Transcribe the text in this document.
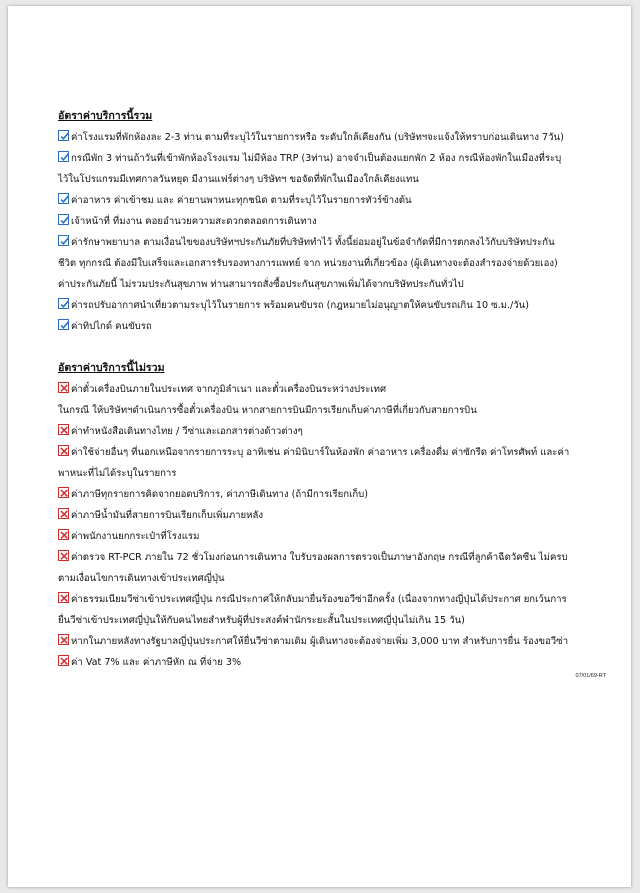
อัตราค่าบริการนี้รวม

ค่าโรงแรมที่พักห้องละ 2-3 ท่าน ตามที่ระบุไว้ในรายการหรือ ระดับใกล้เคียงกัน (บริษัทฯจะแจ้งให้ทราบก่อนเดินทาง 7วัน)
กรณีพัก 3 ท่านถ้าวันที่เข้าพักห้องโรงแรม ไม่มีห้อง TRP (3ท่าน) อาจจำเป็นต้องแยกพัก 2 ห้อง กรณีห้องพักในเมืองที่ระบุ
ไว้ในโปรแกรมมีเทศกาลวันหยุด มีงานแฟร์ต่างๆ บริษัทฯ ขอจัดที่พักในเมืองใกล้เคียงแทน
ค่าอาหาร ค่าเข้าชม และ ค่ายานพาหนะทุกชนิด ตามที่ระบุไว้ในรายการทัวร์ข้างต้น
เจ้าหน้าที่ ที่มงาน คอยอำนวยความสะดวกตลอดการเดินทาง
ค่ารักษาพยาบาล ตามเงื่อนไขของบริษัทฯประกันภัยที่บริษัททำไว้ ทั้งนี้ย่อมอยู่ในข้อจำกัดที่มีการตกลงไว้กับบริษัทประกัน
ชีวิต ทุกกรณี ต้องมีใบเสร็จและเอกสารรับรองทางการแพทย์ จาก หน่วยงานที่เกี่ยวข้อง (ผู้เดินทางจะต้องสำรองจ่ายด้วยเอง)
ค่าประกันภัยนี้ ไม่รวมประกันสุขภาพ ท่านสามารถสั่งซื้อประกันสุขภาพเพิ่มได้จากบริษัทประกันทั่วไป
ค่ารถปรับอากาศนำเที่ยวตามระบุไว้ในรายการ พร้อมคนขับรถ (กฎหมายไม่อนุญาตให้คนขับรถเกิน 10 ซ.ม./วัน)
ค่าทิปไกด์ คนขับรถ

อัตราค่าบริการนี้ไม่รวม

ค่าตั๋วเครื่องบินภายในประเทศ จากภูมิลำเนา และตั๋วเครื่องบินระหว่างประเทศ
ในกรณี ให้บริษัทฯดำเนินการซื้อตั๋วเครื่องบิน หากสายการบินมีการเรียกเก็บค่าภาษีที่เกี่ยวกับสายการบิน
ค่าทำหนังสือเดินทางไทย / วีซ่าและเอกสารต่างด้าวต่างๆ
ค่าใช้จ่ายอื่นๆ ที่นอกเหนือจากรายการระบุ อาทิเช่น ค่ามินิบาร์ในห้องพัก ค่าอาหาร เครื่องดื่ม ค่าซักรีด ค่าโทรศัพท์ และค่า
พาหนะที่ไม่ได้ระบุในรายการ
ค่าภาษีทุกรายการคิดจากยอดบริการ, ค่าภาษีเดินทาง (ถ้ามีการเรียกเก็บ)
ค่าภาษีน้ำมันที่สายการบินเรียกเก็บเพิ่มภายหลัง
ค่าพนักงานยกกระเป๋าที่โรงแรม
ค่าตรวจ RT-PCR ภายใน 72 ชั่วโมงก่อนการเดินทาง ใบรับรองผลการตรวจเป็นภาษาอังกฤษ กรณีที่ลูกค้าฉีดวัคซีน ไม่ครบ
ตามเงื่อนไขการเดินทางเข้าประเทศญี่ปุ่น
ค่าธรรมเนียมวีซ่าเข้าประเทศญี่ปุ่น กรณีประกาศให้กลับมายื่นร้องขอวีซ่าอีกครั้ง (เนื่องจากทางญี่ปุ่นได้ประกาศ ยกเว้นการ
ยื่นวีซ่าเข้าประเทศญี่ปุ่นให้กับคนไทยสำหรับผู้ที่ประสงค์พำนักระยะสั้นในประเทศญี่ปุ่นไม่เกิน 15 วัน)
หากในภายหลังทางรัฐบาลญี่ปุ่นประกาศให้ยื่นวีซ่าตามเดิม ผู้เดินทางจะต้องจ่ายเพิ่ม 3,000 บาท สำหรับการยื่น ร้องขอวีซ่า
ค่า Vat 7% และ ค่าภาษีหัก ณ ที่จ่าย 3%
07/01/69-RT
